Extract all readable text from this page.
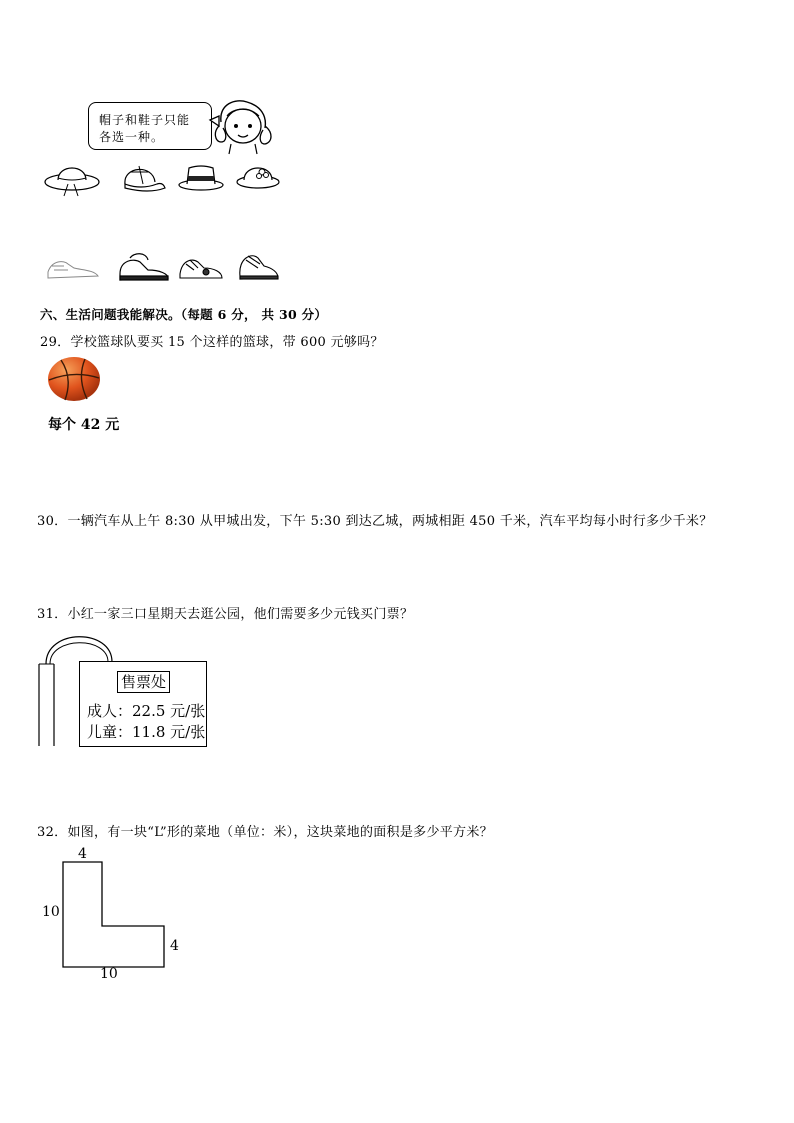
帽子和鞋子只能
各选一种。
六、生活问题我能解决。（每题 6 分， 共 30 分）
29．学校篮球队要买 15 个这样的篮球，带 600 元够吗？
每个 42 元
30．一辆汽车从上午 8:30 从甲城出发，下午 5:30 到达乙城，两城相距 450 千米，汽车平均每小时行多少千米？
31．小红一家三口星期天去逛公园，他们需要多少元钱买门票？
售票处
成人：22.5 元/张
儿童：11.8 元/张
32．如图，有一块“L”形的菜地（单位：米），这块菜地的面积是多少平方米？
4
10
4
10
